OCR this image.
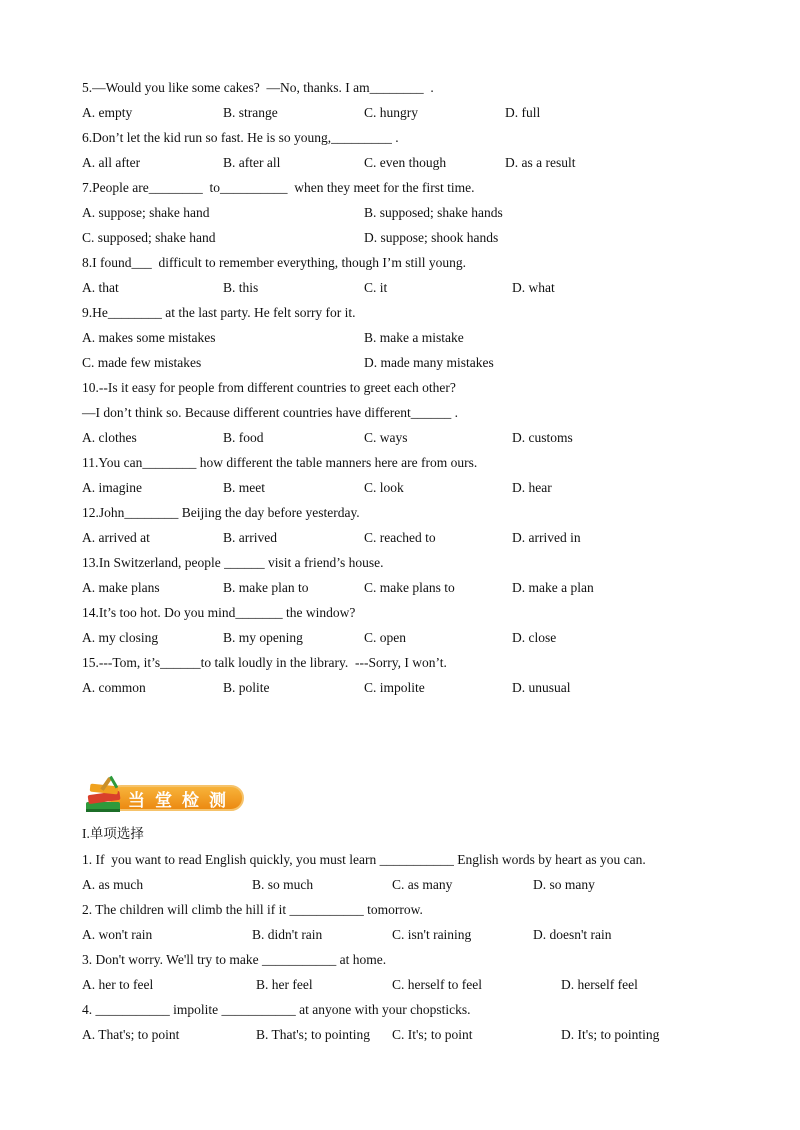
5.—Would you like some cakes?  —No, thanks. I am________  .
A. empty	B. strange	C. hungry	D. full
6.Don’t let the kid run so fast. He is so young,_________ .
A. all after	B. after all	C. even though	D. as a result
7.People are________  to__________  when they meet for the first time.
A. suppose; shake hand	B. supposed; shake hands
C. supposed; shake hand	D. suppose; shook hands
8.I found___  difficult to remember everything, though I’m still young.
A. that	B. this	C. it	D. what
9.He________ at the last party. He felt sorry for it.
A. makes some mistakes	B. make a mistake
C. made few mistakes	D. made many mistakes
10.--Is it easy for people from different countries to greet each other?
—I don’t think so. Because different countries have different______ .
A. clothes	B. food	C. ways	D. customs
11.You can________ how different the table manners here are from ours.
A. imagine	B. meet	C. look	D. hear
12.John________ Beijing the day before yesterday.
A. arrived at	B. arrived	C. reached to	D. arrived in
13.In Switzerland, people ______ visit a friend’s house.
A. make plans	B. make plan to	C. make plans to	D. make a plan
14.It’s too hot. Do you mind_______ the window?
A. my closing	B. my opening	C. open	D. close
15.---Tom, it’s______to talk loudly in the library.  ---Sorry, I won’t.
A. common	B. polite	C. impolite	D. unusual
当堂检测
I.单项选择
1. If  you want to read English quickly, you must learn ___________ English words by heart as you can.
A. as much	B. so much	C. as many	D. so many
2. The children will climb the hill if it ___________ tomorrow.
A. won't rain	B. didn't rain	C. isn't raining	D. doesn't rain
3. Don't worry. We'll try to make ___________ at home.
A. her to feel	B. her feel	C. herself to feel	D. herself feel
4. ___________ impolite ___________ at anyone with your chopsticks.
A. That's; to point	B. That's; to pointing C. It's; to point	D. It's; to pointing
